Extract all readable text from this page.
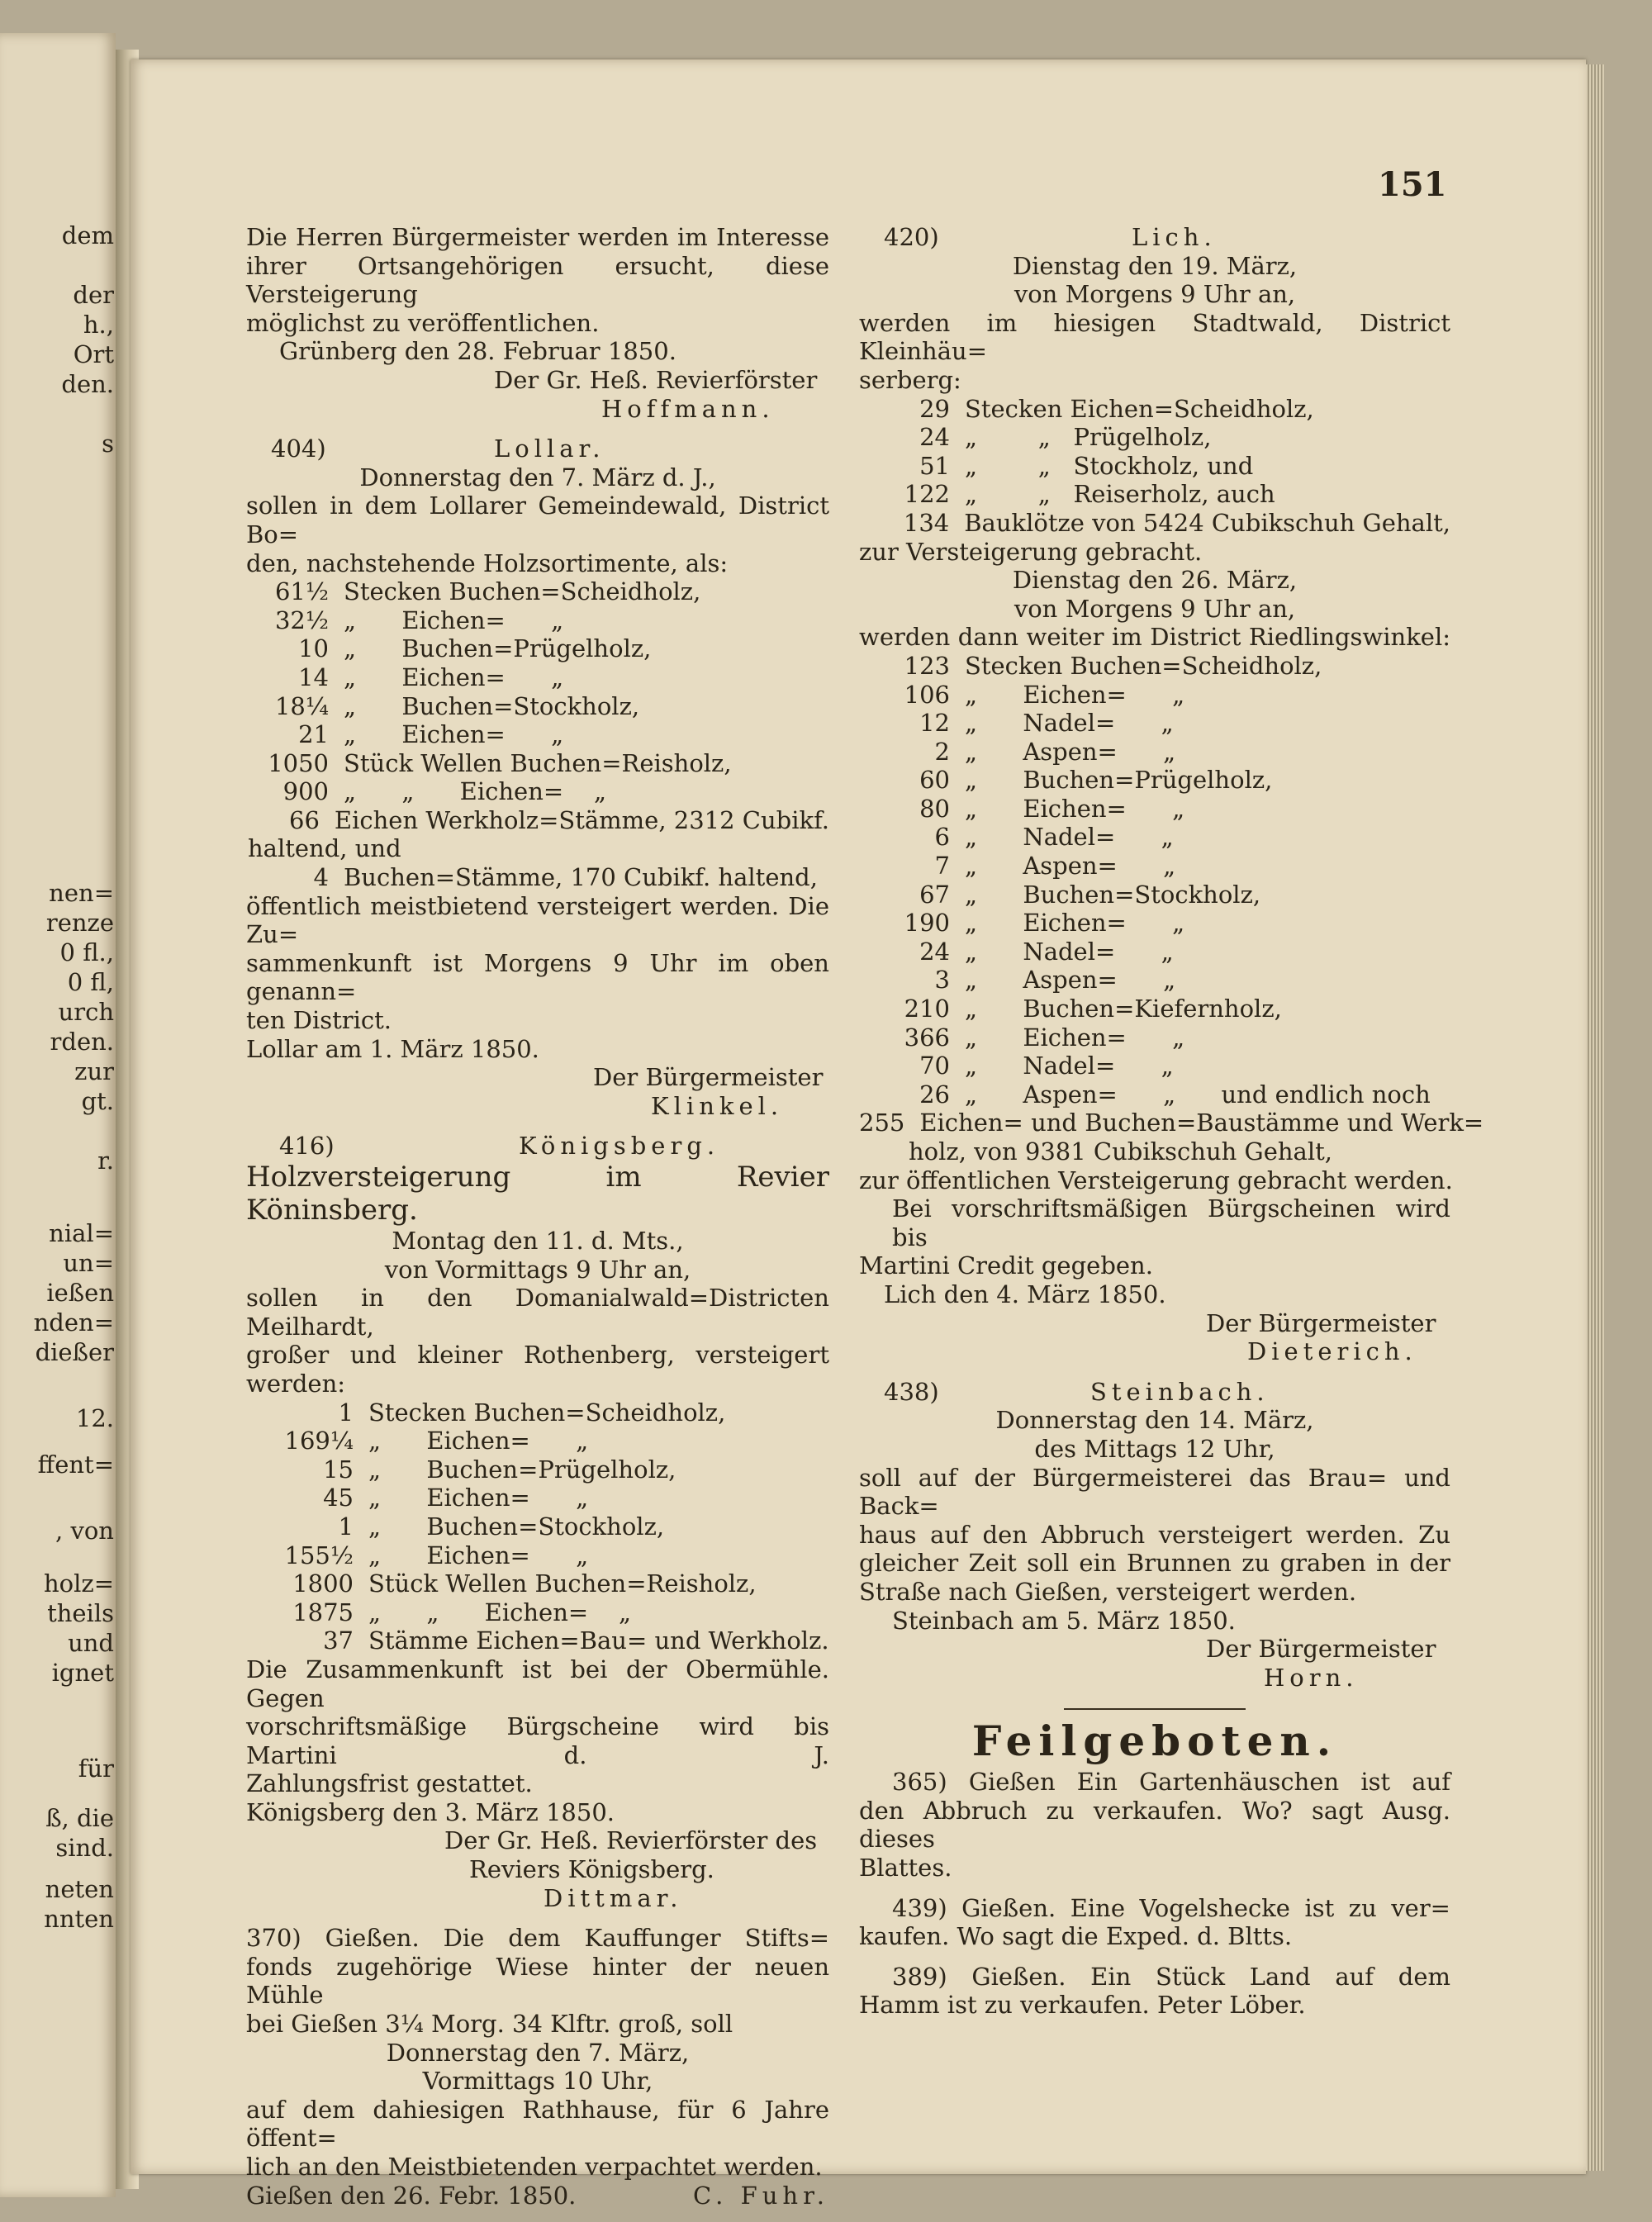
dem
der
h.,
Ort
den.
s
nen=
renze
0 fl.,
0 fl,
urch
rden.
zur
gt.
r.
nial=
un=
ießen
nden=
dießer
12.
ffent=
, von
holz=
theils
und
ignet
für
ß, die
sind.
neten
nnten
151
Die Herren Bürgermeister werden im Interesse
ihrer Ortsangehörigen ersucht, diese Versteigerung
möglichst zu veröffentlichen.
Grünberg den 28. Februar 1850.
Der Gr. Heß. Revierförster
Hoffmann.
404)	Lollar.
Donnerstag den 7. März d. J.,
sollen in dem Lollarer Gemeindewald, District Bo=
den, nachstehende Holzsortimente, als:
61½ Stecken Buchen=Scheidholz,
32½ „      Eichen=      „
10 „      Buchen=Prügelholz,
14 „      Eichen=      „
18¼ „      Buchen=Stockholz,
21 „      Eichen=      „
1050 Stück Wellen Buchen=Reisholz,
900 „      „      Eichen=    „
66 Eichen Werkholz=Stämme, 2312 Cubikf.
haltend, und
4 Buchen=Stämme, 170 Cubikf. haltend,
öffentlich meistbietend versteigert werden. Die Zu=
sammenkunft ist Morgens 9 Uhr im oben genann=
ten District.
Lollar am 1. März 1850.
Der Bürgermeister
Klinkel.
416)	Königsberg.
Holzversteigerung im Revier Köninsberg.
Montag den 11. d. Mts.,
von Vormittags 9 Uhr an,
sollen in den Domanialwald=Districten Meilhardt,
großer und kleiner Rothenberg, versteigert werden:
1 Stecken Buchen=Scheidholz,
169¼ „      Eichen=      „
15 „      Buchen=Prügelholz,
45 „      Eichen=      „
1 „      Buchen=Stockholz,
155½ „      Eichen=      „
1800 Stück Wellen Buchen=Reisholz,
1875 „      „      Eichen=    „
37 Stämme Eichen=Bau= und Werkholz.
Die Zusammenkunft ist bei der Obermühle. Gegen
vorschriftsmäßige Bürgscheine wird bis Martini d. J.
Zahlungsfrist gestattet.
Königsberg den 3. März 1850.
Der Gr. Heß. Revierförster des
Reviers Königsberg.
Dittmar.
370) Gießen. Die dem Kauffunger Stifts=
fonds zugehörige Wiese hinter der neuen Mühle
bei Gießen 3¼ Morg. 34 Klftr. groß, soll
Donnerstag den 7. März,
Vormittags 10 Uhr,
auf dem dahiesigen Rathhause, für 6 Jahre öffent=
lich an den Meistbietenden verpachtet werden.
Gießen den 26. Febr. 1850.	C. Fuhr.
420)	Lich.
Dienstag den 19. März,
von Morgens 9 Uhr an,
werden im hiesigen Stadtwald, District Kleinhäu=
serberg:
29 Stecken Eichen=Scheidholz,
24 „        „   Prügelholz,
51 „        „   Stockholz, und
122 „        „   Reiserholz, auch
134 Bauklötze von 5424 Cubikschuh Gehalt,
zur Versteigerung gebracht.
Dienstag den 26. März,
von Morgens 9 Uhr an,
werden dann weiter im District Riedlingswinkel:
123 Stecken Buchen=Scheidholz,
106 „      Eichen=      „
12 „      Nadel=      „
2 „      Aspen=      „
60 „      Buchen=Prügelholz,
80 „      Eichen=      „
6 „      Nadel=      „
7 „      Aspen=      „
67 „      Buchen=Stockholz,
190 „      Eichen=      „
24 „      Nadel=      „
3 „      Aspen=      „
210 „      Buchen=Kiefernholz,
366 „      Eichen=      „
70 „      Nadel=      „
26 „      Aspen=      „      und endlich noch
255 Eichen= und Buchen=Baustämme und Werk=
holz, von 9381 Cubikschuh Gehalt,
zur öffentlichen Versteigerung gebracht werden.
Bei vorschriftsmäßigen Bürgscheinen wird bis
Martini Credit gegeben.
Lich den 4. März 1850.
Der Bürgermeister
Dieterich.
438)	Steinbach.
Donnerstag den 14. März,
des Mittags 12 Uhr,
soll auf der Bürgermeisterei das Brau= und Back=
haus auf den Abbruch versteigert werden. Zu
gleicher Zeit soll ein Brunnen zu graben in der
Straße nach Gießen, versteigert werden.
Steinbach am 5. März 1850.
Der Bürgermeister
Horn.
Feilgeboten.
365) Gießen Ein Gartenhäuschen ist auf
den Abbruch zu verkaufen. Wo? sagt Ausg. dieses
Blattes.
439) Gießen. Eine Vogelshecke ist zu ver=
kaufen. Wo sagt die Exped. d. Bltts.
389) Gießen. Ein Stück Land auf dem
Hamm ist zu verkaufen. Peter Löber.
